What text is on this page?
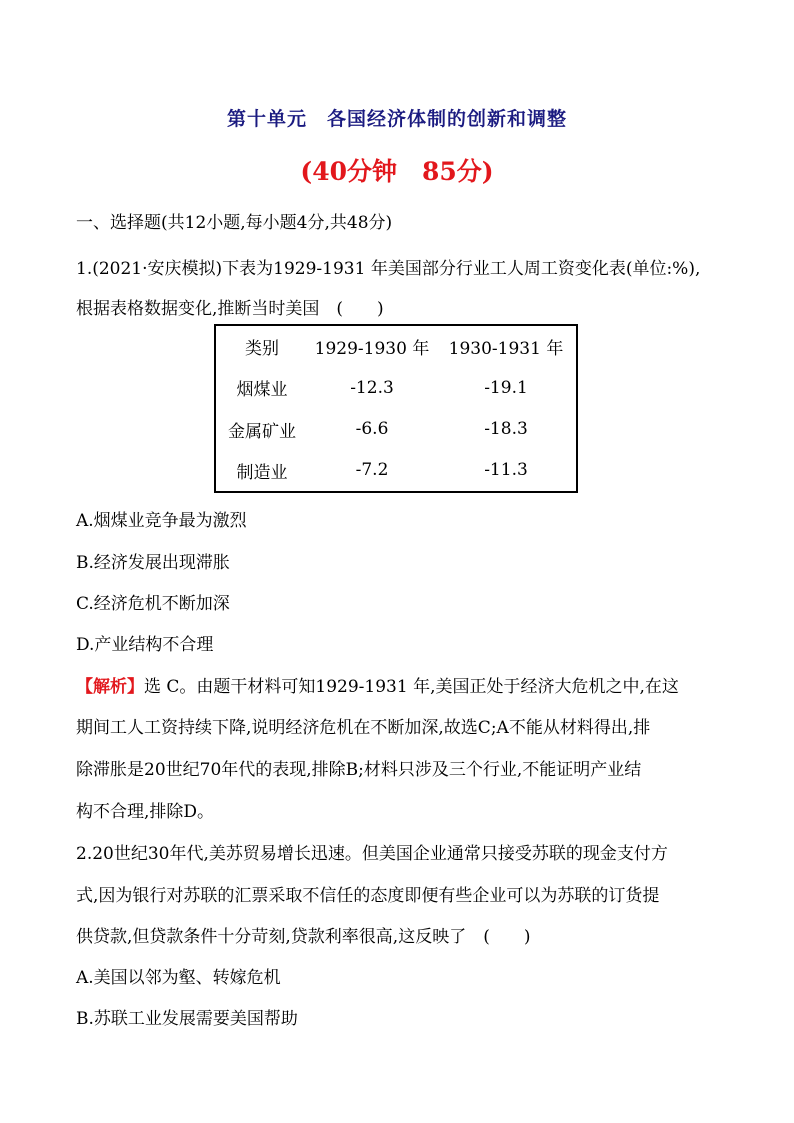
第十单元　各国经济体制的创新和调整
(40分钟　85分)
一、选择题(共12小题,每小题4分,共48分)
1.(2021·安庆模拟)下表为1929-1931 年美国部分行业工人周工资变化表(单位:%),
根据表格数据变化,推断当时美国　(　　)
类别	1929-1930 年	1930-1931 年
烟煤业	-12.3	-19.1
金属矿业	-6.6	-18.3
制造业	-7.2	-11.3
A.烟煤业竞争最为激烈
B.经济发展出现滞胀
C.经济危机不断加深
D.产业结构不合理
【解析】选 C。由题干材料可知1929-1931 年,美国正处于经济大危机之中,在这
期间工人工资持续下降,说明经济危机在不断加深,故选C;A不能从材料得出,排
除滞胀是20世纪70年代的表现,排除B;材料只涉及三个行业,不能证明产业结
构不合理,排除D。
2.20世纪30年代,美苏贸易增长迅速。但美国企业通常只接受苏联的现金支付方
式,因为银行对苏联的汇票采取不信任的态度即便有些企业可以为苏联的订货提
供贷款,但贷款条件十分苛刻,贷款利率很高,这反映了　(　　)
A.美国以邻为壑、转嫁危机
B.苏联工业发展需要美国帮助
